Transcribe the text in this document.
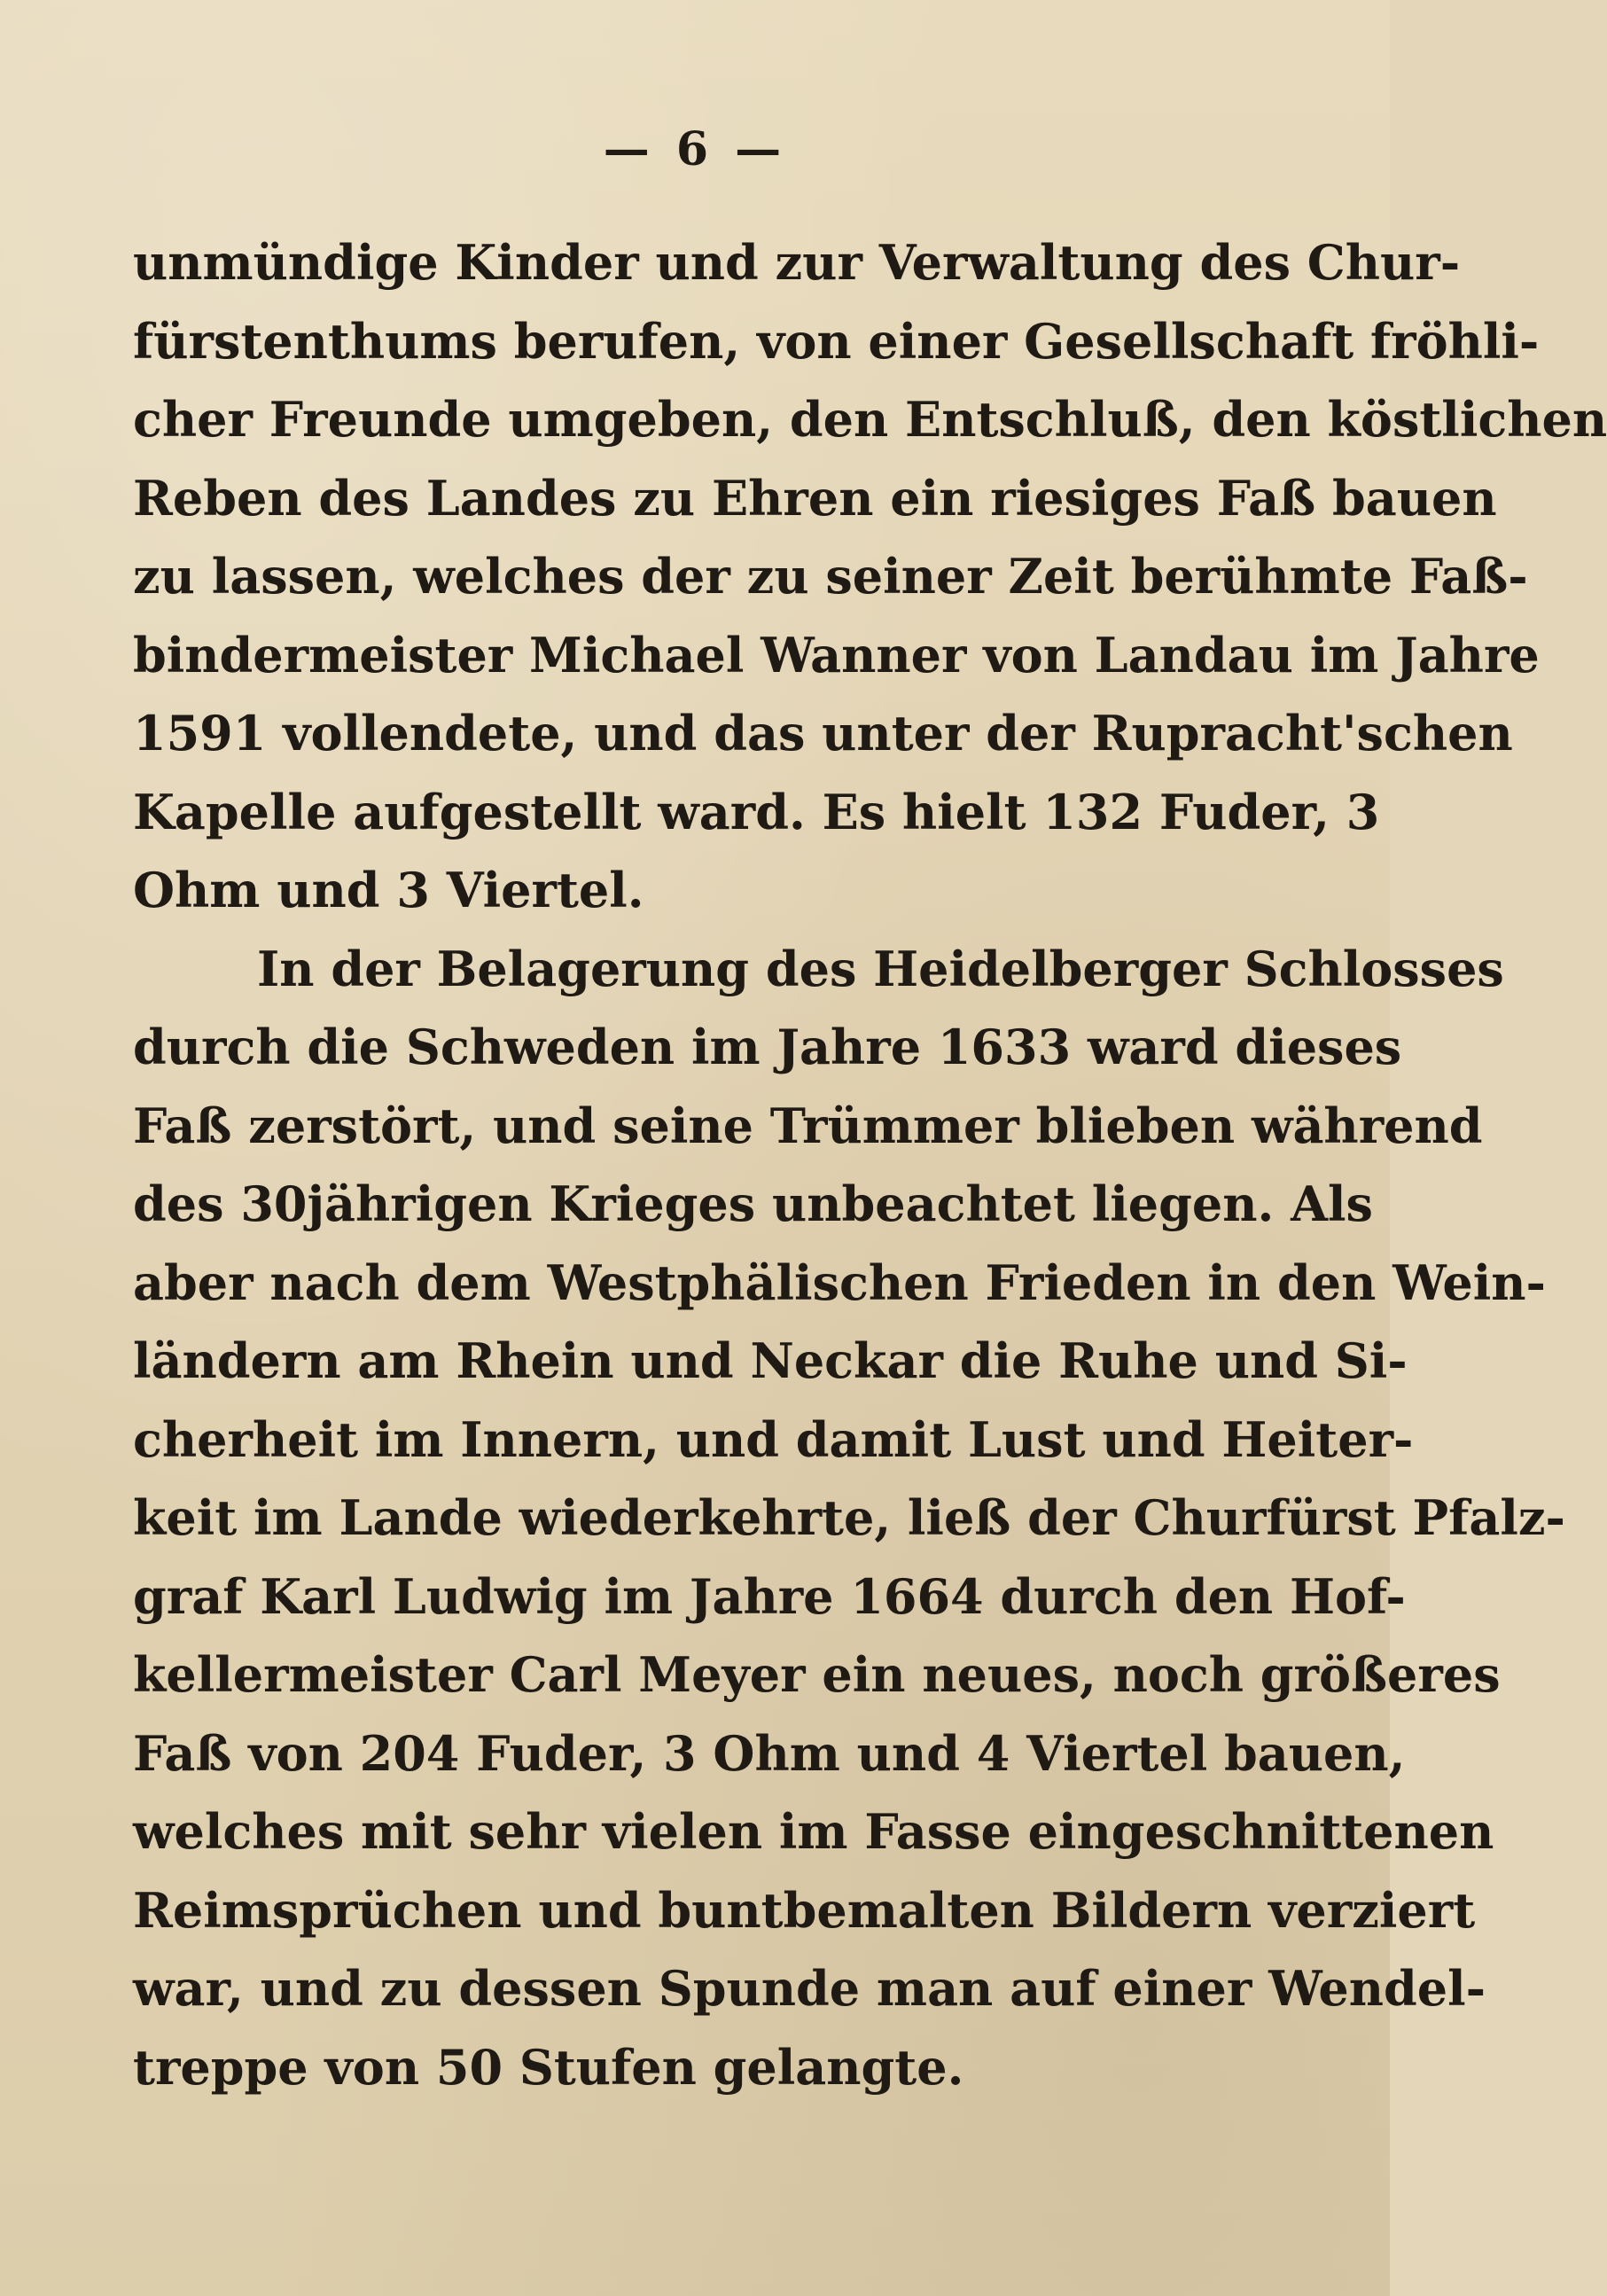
— 6 —
unmündige Kinder und zur Verwaltung des Chur-
fürstenthums berufen, von einer Gesellschaft fröhli-
cher Freunde umgeben, den Entschluß, den köstlichen
Reben des Landes zu Ehren ein riesiges Faß bauen
zu lassen, welches der zu seiner Zeit berühmte Faß-
bindermeister Michael Wanner von Landau im Jahre
1591 vollendete, und das unter der Rupracht'schen
Kapelle aufgestellt ward. Es hielt 132 Fuder, 3
Ohm und 3 Viertel.
In der Belagerung des Heidelberger Schlosses
durch die Schweden im Jahre 1633 ward dieses
Faß zerstört, und seine Trümmer blieben während
des 30jährigen Krieges unbeachtet liegen. Als
aber nach dem Westphälischen Frieden in den Wein-
ländern am Rhein und Neckar die Ruhe und Si-
cherheit im Innern, und damit Lust und Heiter-
keit im Lande wiederkehrte, ließ der Churfürst Pfalz-
graf Karl Ludwig im Jahre 1664 durch den Hof-
kellermeister Carl Meyer ein neues, noch größeres
Faß von 204 Fuder, 3 Ohm und 4 Viertel bauen,
welches mit sehr vielen im Fasse eingeschnittenen
Reimsprüchen und buntbemalten Bildern verziert
war, und zu dessen Spunde man auf einer Wendel-
treppe von 50 Stufen gelangte.
